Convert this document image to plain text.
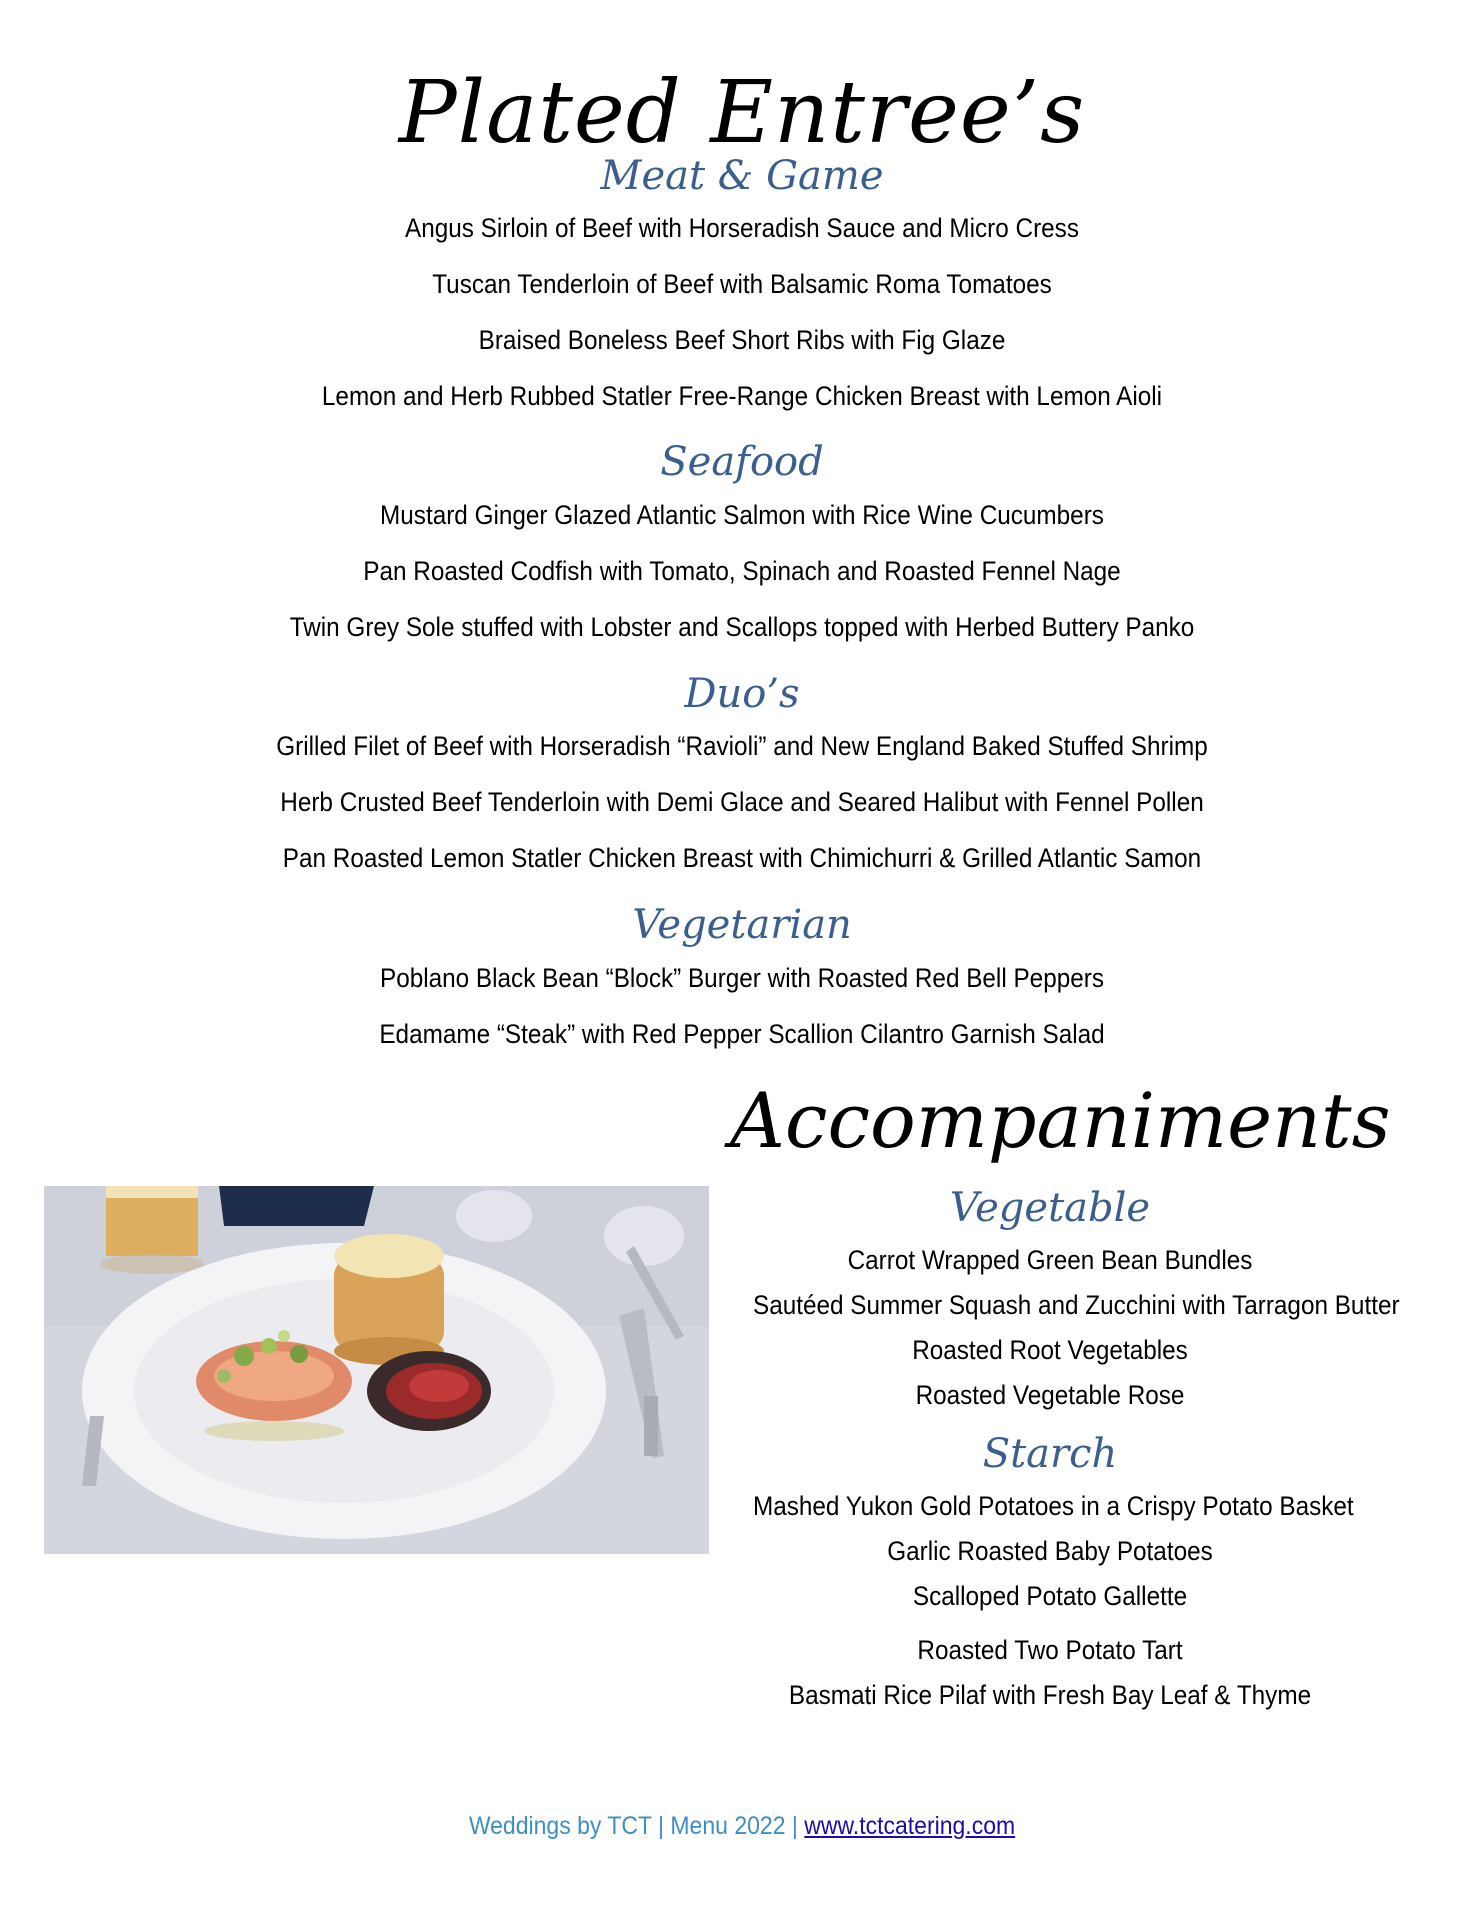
Plated Entree’s
Meat & Game
Angus Sirloin of Beef with Horseradish Sauce and Micro Cress
Tuscan Tenderloin of Beef with Balsamic Roma Tomatoes
Braised Boneless Beef Short Ribs with Fig Glaze
Lemon and Herb Rubbed Statler Free-Range Chicken Breast with Lemon Aioli
Seafood
Mustard Ginger Glazed Atlantic Salmon with Rice Wine Cucumbers
Pan Roasted Codfish with Tomato, Spinach and Roasted Fennel Nage
Twin Grey Sole stuffed with Lobster and Scallops topped with Herbed Buttery Panko
Duo’s
Grilled Filet of Beef with Horseradish “Ravioli” and New England Baked Stuffed Shrimp
Herb Crusted Beef Tenderloin with Demi Glace and Seared Halibut with Fennel Pollen
Pan Roasted Lemon Statler Chicken Breast with Chimichurri & Grilled Atlantic Samon
Vegetarian
Poblano Black Bean “Block” Burger with Roasted Red Bell Peppers
Edamame “Steak” with Red Pepper Scallion Cilantro Garnish Salad
Accompaniments
Vegetable
Carrot Wrapped Green Bean Bundles
Sautéed Summer Squash and Zucchini with Tarragon Butter
Roasted Root Vegetables
Roasted Vegetable Rose
Starch
Mashed Yukon Gold Potatoes in a Crispy Potato Basket
Garlic Roasted Baby Potatoes
Scalloped Potato Gallette
Roasted Two Potato Tart
Basmati Rice Pilaf with Fresh Bay Leaf & Thyme
Weddings by TCT | Menu 2022 | www.tctcatering.com
